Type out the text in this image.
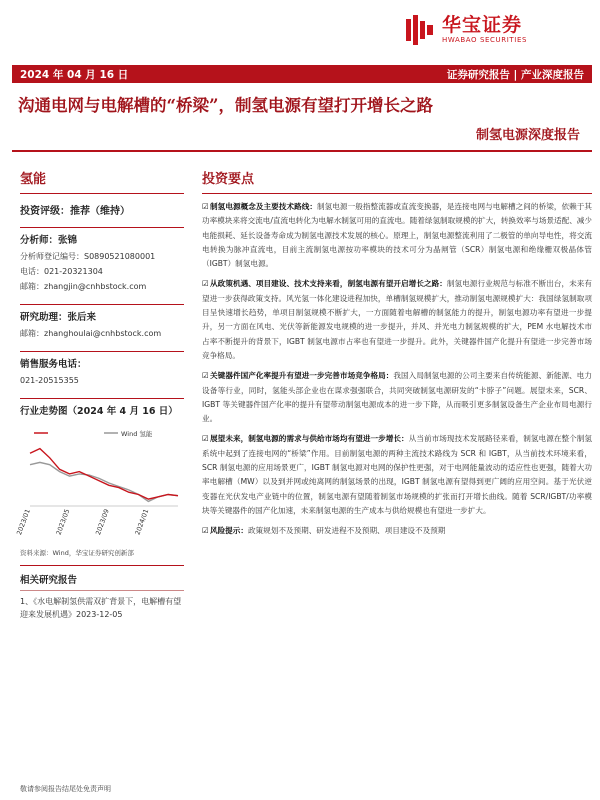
华宝证券
HWABAO SECURITIES
2024 年 04 月 16 日	证券研究报告 | 产业深度报告
沟通电网与电解槽的“桥梁”，制氢电源有望打开增长之路
制氢电源深度报告
氢能
投资评级：推荐（维持）
分析师：张锦
分析师登记编号：S0890521080001
电话：021-20321304
邮箱：zhangjin@cnhbstock.com
研究助理：张后来
邮箱：zhanghoulai@cnhbstock.com
销售服务电话：
021-20515355
行业走势图（2024 年 4 月 16 日）
Wind 氢能
2023/01	2023/05	2023/09	2024/01
资料来源：Wind，华宝证券研究创新部
相关研究报告
1、《水电解制氢供需双扩背景下，电解槽有望迎来发展机遇》2023-12-05
投资要点
☑制氢电源概念及主要技术路线：制氢电源一般指整流器或直流变换器，是连接电网与电解槽之间的桥梁，依赖于其功率模块来将交流电/直流电转化为电解水制氢可用的直流电。随着绿氢制取规模的扩大，转换效率与场景适配、减少电能损耗、延长设备寿命成为制氢电源技术发展的核心。原理上，制氢电源整流利用了二极管的单向导电性，将交流电转换为脉冲直流电，目前主流制氢电源按功率模块的技术可分为晶闸管（SCR）制氢电源和绝缘栅双极晶体管（IGBT）制氢电源。
☑从政策机遇、项目建设、技术支持来看，制氢电源有望开启增长之路：制氢电源行业规范与标准不断出台，未来有望进一步获得政策支持。风光氢一体化建设进程加快，单槽制氢规模扩大，推动制氢电源规模扩大：我国绿氢制取项目呈快速增长趋势，单项目制氢规模不断扩大，一方面随着电解槽的制氢能力的提升，制氢电源功率有望进一步提升，另一方面在风电、光伏等新能源发电规模的进一步提升，并风、并光电力制氢规模的扩大，PEM 水电解技术市占率不断提升的背景下，IGBT 制氢电源市占率也有望进一步提升。此外，关键器件国产化提升有望进一步完善市场竞争格局。
☑关键器件国产化率提升有望进一步完善市场竞争格局：我国入局制氢电源的公司主要来自传统能源、新能源、电力设备等行业，同时，氢能头部企业也在谋求强强联合，共同突破制氢电源研发的“卡脖子”问题。展望未来，SCR、IGBT 等关键器件国产化率的提升有望带动制氢电源成本的进一步下降，从而吸引更多制氢设备生产企业布局电源行业。
☑展望未来，制氢电源的需求与供给市场均有望进一步增长：从当前市场现技术发展路径来看，制氢电源在整个制氢系统中起到了连接电网的“桥梁”作用。目前制氢电源的两种主流技术路线为 SCR 和 IGBT，从当前技术环境来看，SCR 制氢电源的应用场景更广，IGBT 制氢电源对电网的保护性更强，对于电网能量波动的适应性也更强，随着大功率电解槽（MW）以及到并网或纯离网的制氢场景的出现，IGBT 制氢电源有望得到更广阔的应用空间。基于光伏逆变器在光伏发电产业链中的位置，制氢电源有望随着制氢市场规模的扩张而打开增长曲线。随着 SCR/IGBT/功率模块等关键器件的国产化加速，未来制氢电源的生产成本与供给规模也有望进一步扩大。
☑风险提示：政策规划不及预期、研发进程不及预期、项目建设不及预期
敬请参阅报告结尾处免责声明
